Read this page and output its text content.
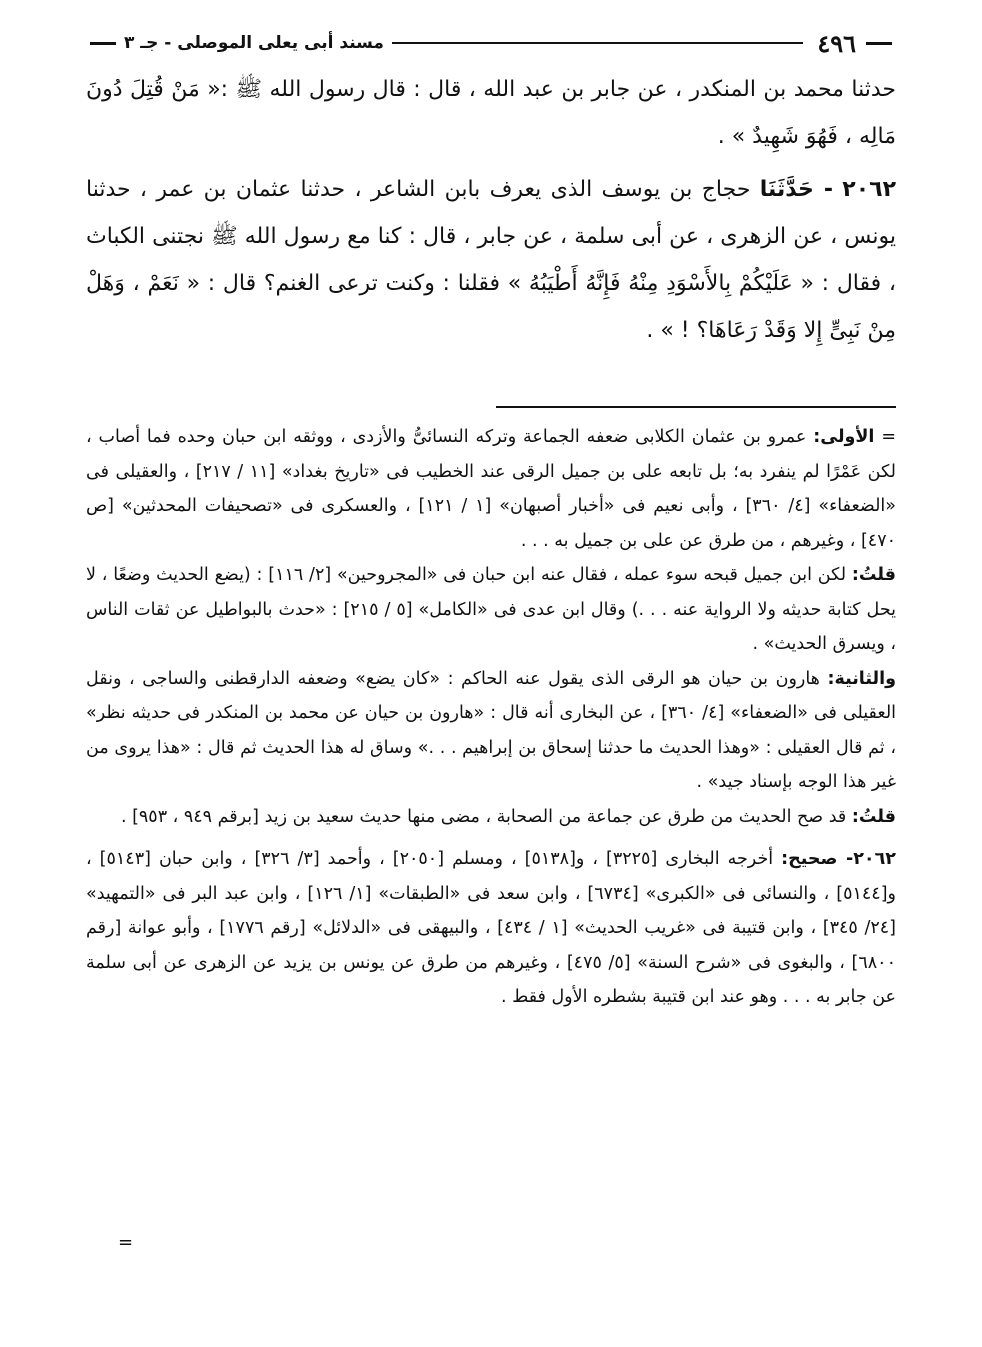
٤٩٦
مسند أبى يعلى الموصلى - جـ ٣

حدثنا محمد بن المنكدر ، عن جابر بن عبد الله ، قال : قال رسول الله ﷺ :« مَنْ قُتِلَ دُونَ مَالِه ، فَهُوَ شَهِيدٌ » .

٢٠٦٢ - حَدَّثَنَا حجاج بن يوسف الذى يعرف بابن الشاعر ، حدثنا عثمان بن عمر ، حدثنا يونس ، عن الزهرى ، عن أبى سلمة ، عن جابر ، قال : كنا مع رسول الله ﷺ نجتنى الكباث ، فقال : « عَلَيْكُمْ بِالأَسْوَدِ مِنْهُ فَإِنَّهُ أَطْيَبُهُ » فقلنا : وكنت ترعى الغنم؟ قال : « نَعَمْ ، وَهَلْ مِنْ نَبِىٍّ إِلا وَقَدْ رَعَاهَا؟ ! » .

= الأولى: عمرو بن عثمان الكلابى ضعفه الجماعة وتركه النسائىُّ والأزدى ، ووثقه ابن حبان وحده فما أصاب ، لكن عَمْرًا لم ينفرد به؛ بل تابعه على بن جميل الرقى عند الخطيب فى «تاريخ بغداد» [١١ / ٢١٧] ، والعقيلى فى «الضعفاء» [٤/ ٣٦٠] ، وأبى نعيم فى «أخبار أصبهان» [١ / ١٢١] ، والعسكرى فى «تصحيفات المحدثين» [ص ٤٧٠] ، وغيرهم ، من طرق عن على بن جميل به . . .

قلتُ: لكن ابن جميل قبحه سوء عمله ، فقال عنه ابن حبان فى «المجروحين» [٢/ ١١٦] : (يضع الحديث وضعًا ، لا يحل كتابة حديثه ولا الرواية عنه . . .) وقال ابن عدى فى «الكامل» [٥ / ٢١٥] : «حدث بالبواطيل عن ثقات الناس ، ويسرق الحديث» .

والثانية: هارون بن حيان هو الرقى الذى يقول عنه الحاكم : «كان يضع» وضعفه الدارقطنى والساجى ، ونقل العقيلى فى «الضعفاء» [٤/ ٣٦٠] ، عن البخارى أنه قال : «هارون بن حيان عن محمد بن المنكدر فى حديثه نظر» ، ثم قال العقيلى : «وهذا الحديث ما حدثنا إسحاق بن إبراهيم . . .» وساق له هذا الحديث ثم قال : «هذا يروى من غير هذا الوجه بإسناد جيد» .

قلتُ: قد صح الحديث من طرق عن جماعة من الصحابة ، مضى منها حديث سعيد بن زيد [برقم ٩٤٩ ، ٩٥٣] .

٢٠٦٢- صحيح: أخرجه البخارى [٣٢٢٥] ، و[٥١٣٨] ، ومسلم [٢٠٥٠] ، وأحمد [٣/ ٣٢٦] ، وابن حبان [٥١٤٣] ، و[٥١٤٤] ، والنسائى فى «الكبرى» [٦٧٣٤] ، وابن سعد فى «الطبقات» [١/ ١٢٦] ، وابن عبد البر فى «التمهيد» [٢٤/ ٣٤٥] ، وابن قتيبة فى «غريب الحديث» [١ / ٤٣٤] ، والبيهقى فى «الدلائل» [رقم ١٧٧٦] ، وأبو عوانة [رقم ٦٨٠٠] ، والبغوى فى «شرح السنة» [٥/ ٤٧٥] ، وغيرهم من طرق عن يونس بن يزيد عن الزهرى عن أبى سلمة عن جابر به . . . وهو عند ابن قتيبة بشطره الأول فقط .

=
